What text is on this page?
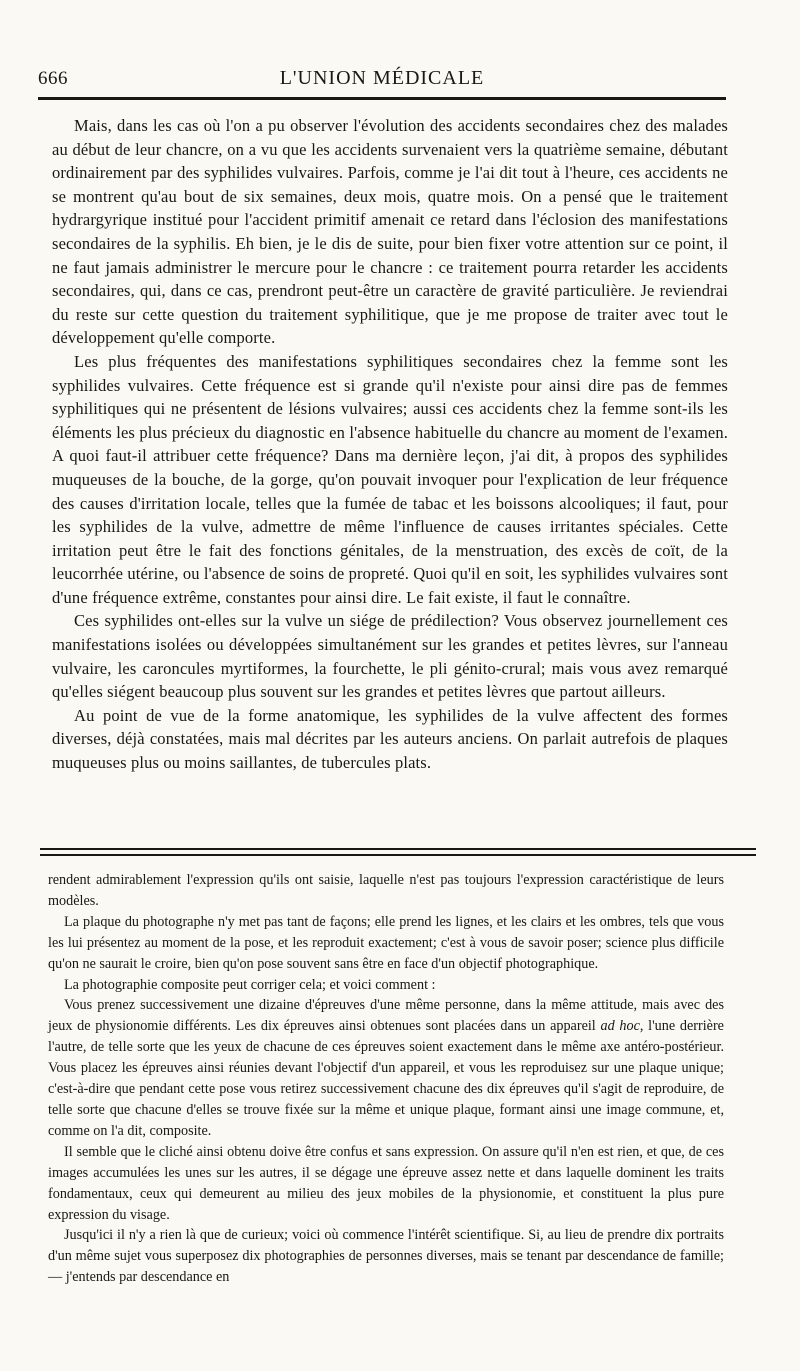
666	L'UNION MÉDICALE

Mais, dans les cas où l'on a pu observer l'évolution des accidents secondaires chez des malades au début de leur chancre, on a vu que les accidents survenaient vers la quatrième semaine, débutant ordinairement par des syphilides vulvaires. Parfois, comme je l'ai dit tout à l'heure, ces accidents ne se montrent qu'au bout de six semaines, deux mois, quatre mois. On a pensé que le traitement hydrargyrique institué pour l'accident primitif amenait ce retard dans l'éclosion des manifestations secondaires de la syphilis. Eh bien, je le dis de suite, pour bien fixer votre attention sur ce point, il ne faut jamais administrer le mercure pour le chancre : ce traitement pourra retarder les accidents secondaires, qui, dans ce cas, prendront peut-être un caractère de gravité particulière. Je reviendrai du reste sur cette question du traitement syphilitique, que je me propose de traiter avec tout le développement qu'elle comporte.

Les plus fréquentes des manifestations syphilitiques secondaires chez la femme sont les syphilides vulvaires. Cette fréquence est si grande qu'il n'existe pour ainsi dire pas de femmes syphilitiques qui ne présentent de lésions vulvaires; aussi ces accidents chez la femme sont-ils les éléments les plus précieux du diagnostic en l'absence habituelle du chancre au moment de l'examen. A quoi faut-il attribuer cette fréquence? Dans ma dernière leçon, j'ai dit, à propos des syphilides muqueuses de la bouche, de la gorge, qu'on pouvait invoquer pour l'explication de leur fréquence des causes d'irritation locale, telles que la fumée de tabac et les boissons alcooliques; il faut, pour les syphilides de la vulve, admettre de même l'influence de causes irritantes spéciales. Cette irritation peut être le fait des fonctions génitales, de la menstruation, des excès de coït, de la leucorrhée utérine, ou l'absence de soins de propreté. Quoi qu'il en soit, les syphilides vulvaires sont d'une fréquence extrême, constantes pour ainsi dire. Le fait existe, il faut le connaître.

Ces syphilides ont-elles sur la vulve un siége de prédilection? Vous observez journellement ces manifestations isolées ou développées simultanément sur les grandes et petites lèvres, sur l'anneau vulvaire, les caroncules myrtiformes, la fourchette, le pli génito-crural; mais vous avez remarqué qu'elles siégent beaucoup plus souvent sur les grandes et petites lèvres que partout ailleurs.

Au point de vue de la forme anatomique, les syphilides de la vulve affectent des formes diverses, déjà constatées, mais mal décrites par les auteurs anciens. On parlait autrefois de plaques muqueuses plus ou moins saillantes, de tubercules plats.

rendent admirablement l'expression qu'ils ont saisie, laquelle n'est pas toujours l'expression caractéristique de leurs modèles.

La plaque du photographe n'y met pas tant de façons; elle prend les lignes, et les clairs et les ombres, tels que vous les lui présentez au moment de la pose, et les reproduit exactement; c'est à vous de savoir poser; science plus difficile qu'on ne saurait le croire, bien qu'on pose souvent sans être en face d'un objectif photographique.

La photographie composite peut corriger cela; et voici comment :

Vous prenez successivement une dizaine d'épreuves d'une même personne, dans la même attitude, mais avec des jeux de physionomie différents. Les dix épreuves ainsi obtenues sont placées dans un appareil ad hoc, l'une derrière l'autre, de telle sorte que les yeux de chacune de ces épreuves soient exactement dans le même axe antéro-postérieur. Vous placez les épreuves ainsi réunies devant l'objectif d'un appareil, et vous les reproduisez sur une plaque unique; c'est-à-dire que pendant cette pose vous retirez successivement chacune des dix épreuves qu'il s'agit de reproduire, de telle sorte que chacune d'elles se trouve fixée sur la même et unique plaque, formant ainsi une image commune, et, comme on l'a dit, composite.

Il semble que le cliché ainsi obtenu doive être confus et sans expression. On assure qu'il n'en est rien, et que, de ces images accumulées les unes sur les autres, il se dégage une épreuve assez nette et dans laquelle dominent les traits fondamentaux, ceux qui demeurent au milieu des jeux mobiles de la physionomie, et constituent la plus pure expression du visage.

Jusqu'ici il n'y a rien là que de curieux; voici où commence l'intérêt scientifique. Si, au lieu de prendre dix portraits d'un même sujet vous superposez dix photographies de personnes diverses, mais se tenant par descendance de famille; — j'entends par descendance en
